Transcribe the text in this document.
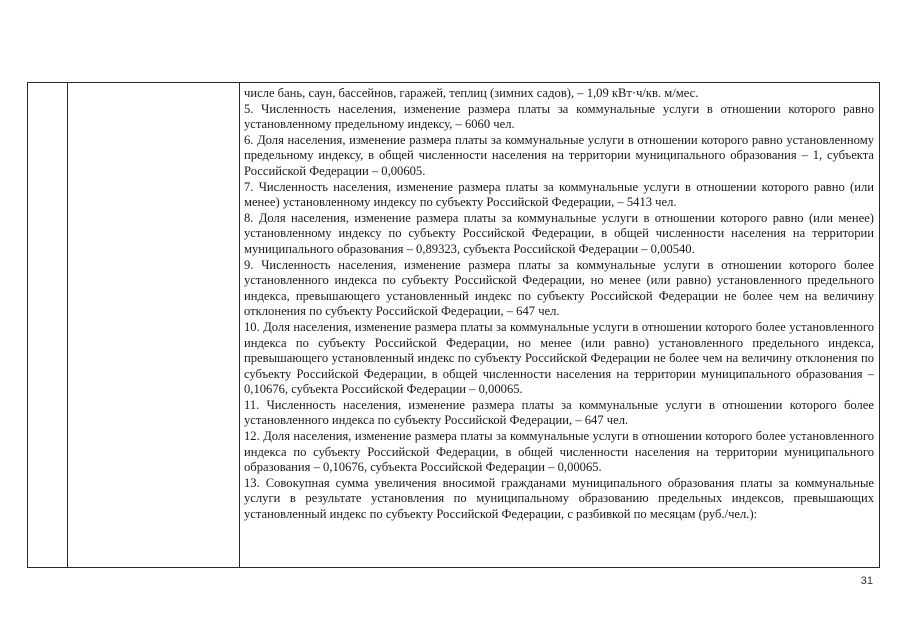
числе бань, саун, бассейнов, гаражей, теплиц (зимних садов), – 1,09 кВт·ч/кв. м/мес.

5. Численность населения, изменение размера платы за коммунальные услуги в отношении которого равно установленному предельному индексу, – 6060 чел.

6. Доля населения, изменение размера платы за коммунальные услуги в отношении которого равно установленному предельному индексу, в общей численности населения на территории муниципального образования – 1, субъекта Российской Федерации – 0,00605.

7. Численность населения, изменение размера платы за коммунальные услуги в отношении которого равно (или менее) установленному индексу по субъекту Российской Федерации, – 5413 чел.

8. Доля населения, изменение размера платы за коммунальные услуги в отношении которого равно (или менее) установленному индексу по субъекту Российской Федерации, в общей численности населения на территории муниципального образования – 0,89323, субъекта Российской Федерации – 0,00540.

9. Численность населения, изменение размера платы за коммунальные услуги в отношении которого более установленного индекса по субъекту Российской Федерации, но менее (или равно) установленного предельного индекса, превышающего установленный индекс по субъекту Российской Федерации не более чем на величину отклонения по субъекту Российской Федерации, – 647 чел.

10. Доля населения, изменение размера платы за коммунальные услуги в отношении которого более установленного индекса по субъекту Российской Федерации, но менее (или равно) установленного предельного индекса, превышающего установленный индекс по субъекту Российской Федерации не более чем на величину отклонения по субъекту Российской Федерации, в общей численности населения на территории муниципального образования – 0,10676, субъекта Российской Федерации – 0,00065.

11. Численность населения, изменение размера платы за коммунальные услуги в отношении которого более установленного индекса по субъекту Российской Федерации, – 647 чел.

12. Доля населения, изменение размера платы за коммунальные услуги в отношении которого более установленного индекса по субъекту Российской Федерации, в общей численности населения на территории муниципального образования – 0,10676, субъекта Российской Федерации – 0,00065.

13. Совокупная сумма увеличения вносимой гражданами муниципального образования платы за коммунальные услуги в результате установления по муниципальному образованию предельных индексов, превышающих установленный индекс по субъекту Российской Федерации, с разбивкой по месяцам (руб./чел.):

31
